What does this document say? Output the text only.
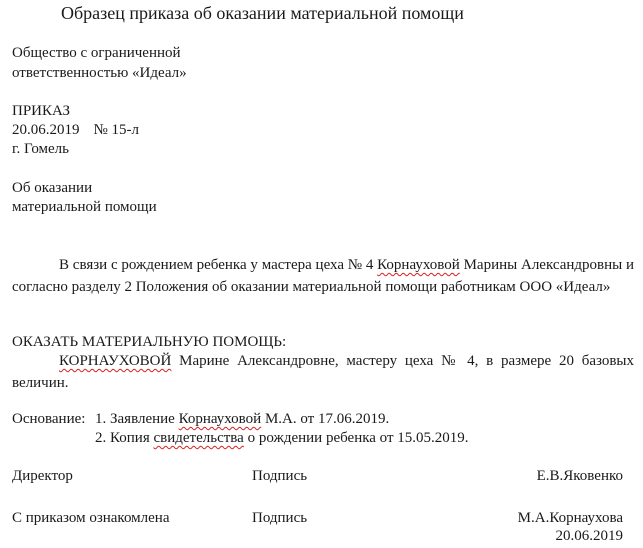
Образец приказа об оказании материальной помощи
Общество с ограниченной
ответственностью «Идеал»
ПРИКАЗ
20.06.2019 № 15-л
г. Гомель
Об оказании
материальной помощи
В связи с рождением ребенка у мастера цеха № 4 Корнауховой Марины Александровны и согласно разделу 2 Положения об оказании материальной помощи работникам ООО «Идеал»
ОКАЗАТЬ МАТЕРИАЛЬНУЮ ПОМОЩЬ:
КОРНАУХОВОЙ Марине Александровне, мастеру цеха № 4, в размере 20 базовых величин.
Основание: 1. Заявление Корнауховой М.А. от 17.06.2019.
2. Копия свидетельства о рождении ребенка от 15.05.2019.
Директор	Подпись	Е.В.Яковенко
С приказом ознакомлена	Подпись	М.А.Корнаухова
20.06.2019
